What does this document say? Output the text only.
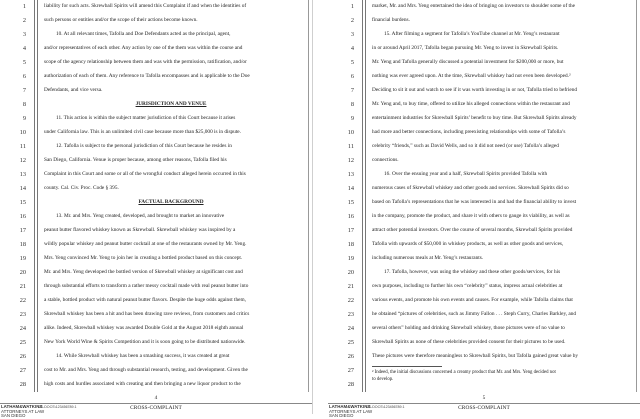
1
2
3
4
5
6
7
8
9
10
11
12
13
14
15
16
17
18
19
20
21
22
23
24
25
26
27
28
liability for such acts. Skrewball Spirits will amend this Complaint if and when the identities of
such persons or entities and/or the scope of their actions become known.
10. At all relevant times, Tafolla and Doe Defendants acted as the principal, agent,
and/or representatives of each other. Any action by one of the them was within the course and
scope of the agency relationship between them and was with the permission, ratification, and/or
authorization of each of them. Any reference to Tafolla encompasses and is applicable to the Doe
Defendants, and vice versa.
JURISDICTION AND VENUE
11. This action is within the subject matter jurisdiction of this Court because it arises
under California law. This is an unlimited civil case because more than $25,000 is in dispute.
12. Tafolla is subject to the personal jurisdiction of this Court because he resides in
San Diego, California. Venue is proper because, among other reasons, Tafolla filed his
Complaint in this Court and some or all of the wrongful conduct alleged herein occurred in this
county. Cal. Civ. Proc. Code § 395.
FACTUAL BACKGROUND
13. Mr. and Mrs. Yeng created, developed, and brought to market an innovative
peanut butter flavored whiskey known as Skrewball. Skrewball whiskey was inspired by a
wildly popular whiskey and peanut butter cocktail at one of the restaurants owned by Mr. Yeng.
Mrs. Yeng convinced Mr. Yeng to join her in creating a bottled product based on this concept.
Mr. and Mrs. Yeng developed the bottled version of Skrewball whiskey at significant cost and
through substantial efforts to transform a rather messy cocktail made with real peanut butter into
a stable, bottled product with natural peanut butter flavors. Despite the huge odds against them,
Skrewball whiskey has been a hit and has been drawing rave reviews, from customers and critics
alike. Indeed, Skrewball whiskey was awarded Double Gold at the August 2018 eighth annual
New York World Wine & Spirits Competition and it is soon going to be distributed nationwide.
14. While Skrewball whiskey has been a smashing success, it was created at great
cost to Mr. and Mrs. Yeng and through substantial research, testing, and development. Given the
high costs and hurdles associated with creating and then bringing a new liquor product to the
4
LATHAM&WATKINS
ATTORNEYS AT LAW
SAN DIEGO
US-DOCS\123456789.1	CROSS-COMPLAINT
1
2
3
4
5
6
7
8
9
10
11
12
13
14
15
16
17
18
19
20
21
22
23
24
25
26
27
28
market, Mr. and Mrs. Yeng entertained the idea of bringing on investors to shoulder some of the
financial burdens.
15. After filming a segment for Tafolla’s YouTube channel at Mr. Yeng’s restaurant
in or around April 2017, Tafolla began pursuing Mr. Yeng to invest in Skrewball Spirits.
Mr. Yeng and Tafolla generally discussed a potential investment for $200,000 or more, but
nothing was ever agreed upon. At the time, Skrewball whiskey had not even been developed.²
Deciding to sit it out and watch to see if it was worth investing in or not, Tafolla tried to befriend
Mr. Yeng and, to buy time, offered to utilize his alleged connections within the restaurant and
entertainment industries for Skrewball Spirits’ benefit to buy time. But Skrewball Spirits already
had more and better connections, including preexisting relationships with some of Tafolla’s
celebrity “friends,” such as David Wells, and so it did not need (or use) Tafolla’s alleged
connections.
16. Over the ensuing year and a half, Skrewball Spirits provided Tafolla with
numerous cases of Skrewball whiskey and other goods and services. Skrewball Spirits did so
based on Tafolla’s representations that he was interested in and had the financial ability to invest
in the company, promote the product, and share it with others to gauge its viability, as well as
attract other potential investors. Over the course of several months, Skrewball Spirits provided
Tafolla with upwards of $50,000 in whiskey products, as well as other goods and services,
including numerous meals at Mr. Yeng’s restaurants.
17. Tafolla, however, was using the whiskey and these other goods/services, for his
own purposes, including to further his own “celebrity” status, impress actual celebrities at
various events, and promote his own events and causes. For example, while Tafolla claims that
he obtained “pictures of celebrities, such as Jimmy Fallon . . . Steph Curry, Charles Barkley, and
several others” holding and drinking Skrewball whiskey, those pictures were of no value to
Skrewball Spirits as none of these celebrities provided consent for their pictures to be used.
These pictures were therefore meaningless to Skrewball Spirits, but Tafolla gained great value by
² Indeed, the initial discussions concerned a creamy product that Mr. and Mrs. Yeng decided not
to develop.
5
LATHAM&WATKINS
ATTORNEYS AT LAW
SAN DIEGO
US-DOCS\123456789.1	CROSS-COMPLAINT
